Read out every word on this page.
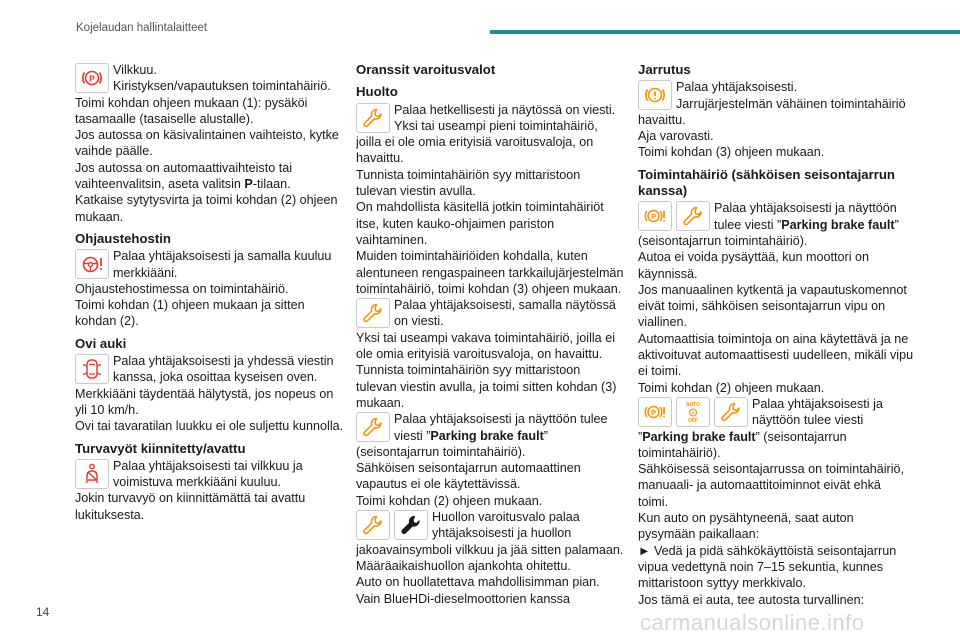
Kojelaudan hallintalaitteet
P

Vilkkuu.

Kiristyksen/vapautuksen toimintahäiriö.

Toimi kohdan ohjeen mukaan (1): pysäköi tasamaalle (tasaiselle alustalle).

Jos autossa on käsivalintainen vaihteisto, kytke vaihde päälle.

Jos autossa on automaattivaihteisto tai vaihteenvalitsin, aseta valitsin P-tilaan.

Katkaise sytytysvirta ja toimi kohdan (2) ohjeen mukaan.

Ohjaustehostin

Palaa yhtäjaksoisesti ja samalla kuuluu merkkiääni.

Ohjaustehostimessa on toimintahäiriö.

Toimi kohdan (1) ohjeen mukaan ja sitten kohdan (2).

Ovi auki

Palaa yhtäjaksoisesti ja yhdessä viestin kanssa, joka osoittaa kyseisen oven.

Merkkiääni täydentää hälytystä, jos nopeus on yli 10 km/h.

Ovi tai tavaratilan luukku ei ole suljettu kunnolla.

Turvavyöt kiinnitetty/avattu

Palaa yhtäjaksoisesti tai vilkkuu ja voimistuva merkkiääni kuuluu.

Jokin turvavyö on kiinnittämättä tai avattu lukituksesta.

Oranssit varoitusvalot
Huolto

Palaa hetkellisesti ja näytössä on viesti.

Yksi tai useampi pieni toimintahäiriö, joilla ei ole omia erityisiä varoitusvaloja, on havaittu.

Tunnista toimintahäiriön syy mittaristoon tulevan viestin avulla.

On mahdollista käsitellä jotkin toimintahäiriöt itse, kuten kauko-ohjaimen pariston vaihtaminen.

Muiden toimintahäiriöiden kohdalla, kuten alentuneen rengaspaineen tarkkailujärjestelmän toimintahäiriö, toimi kohdan (3) ohjeen mukaan.

Palaa yhtäjaksoisesti, samalla näytössä on viesti.

Yksi tai useampi vakava toimintahäiriö, joilla ei ole omia erityisiä varoitusvaloja, on havaittu.

Tunnista toimintahäiriön syy mittaristoon tulevan viestin avulla, ja toimi sitten kohdan (3) mukaan.

Palaa yhtäjaksoisesti ja näyttöön tulee viesti ”Parking brake fault” (seisontajarrun toimintahäiriö).

Sähköisen seisontajarrun automaattinen vapautus ei ole käytettävissä.

Toimi kohdan (2) ohjeen mukaan.

Huollon varoitusvalo palaa yhtäjaksoisesti ja huollon jakoavainsymboli vilkkuu ja jää sitten palamaan.

Määräaikaishuollon ajankohta ohitettu.

Auto on huollatettava mahdollisimman pian.

Vain BlueHDi-dieselmoottorien kanssa

Jarrutus

Palaa yhtäjaksoisesti.

Jarrujärjestelmän vähäinen toimintahäiriö havaittu.

Aja varovasti.

Toimi kohdan (3) ohjeen mukaan.

Toimintahäiriö (sähköisen seisontajarrun kanssa)
P

Palaa yhtäjaksoisesti ja näyttöön tulee viesti ”Parking brake fault” (seisontajarrun toimintahäiriö).

Autoa ei voida pysäyttää, kun moottori on käynnissä.

Jos manuaalinen kytkentä ja vapautuskomennot eivät toimi, sähköisen seisontajarrun vipu on viallinen.

Automaattisia toimintoja on aina käytettävä ja ne aktivoituvat automaattisesti uudelleen, mikäli vipu ei toimi.

Toimi kohdan (2) ohjeen mukaan.

P
AUTO
P
OFF

Palaa yhtäjaksoisesti ja näyttöön tulee viesti ”Parking brake fault” (seisontajarrun toimintahäiriö).

Sähköisessä seisontajarrussa on toimintahäiriö, manuaali- ja automaattitoiminnot eivät ehkä toimi.

Kun auto on pysähtyneenä, saat auton pysymään paikallaan:

► Vedä ja pidä sähkökäyttöistä seisontajarrun vipua vedettynä noin 7–15 sekuntia, kunnes mittaristoon syttyy merkkivalo.

Jos tämä ei auta, tee autosta turvallinen:

14	carmanualsonline.info
